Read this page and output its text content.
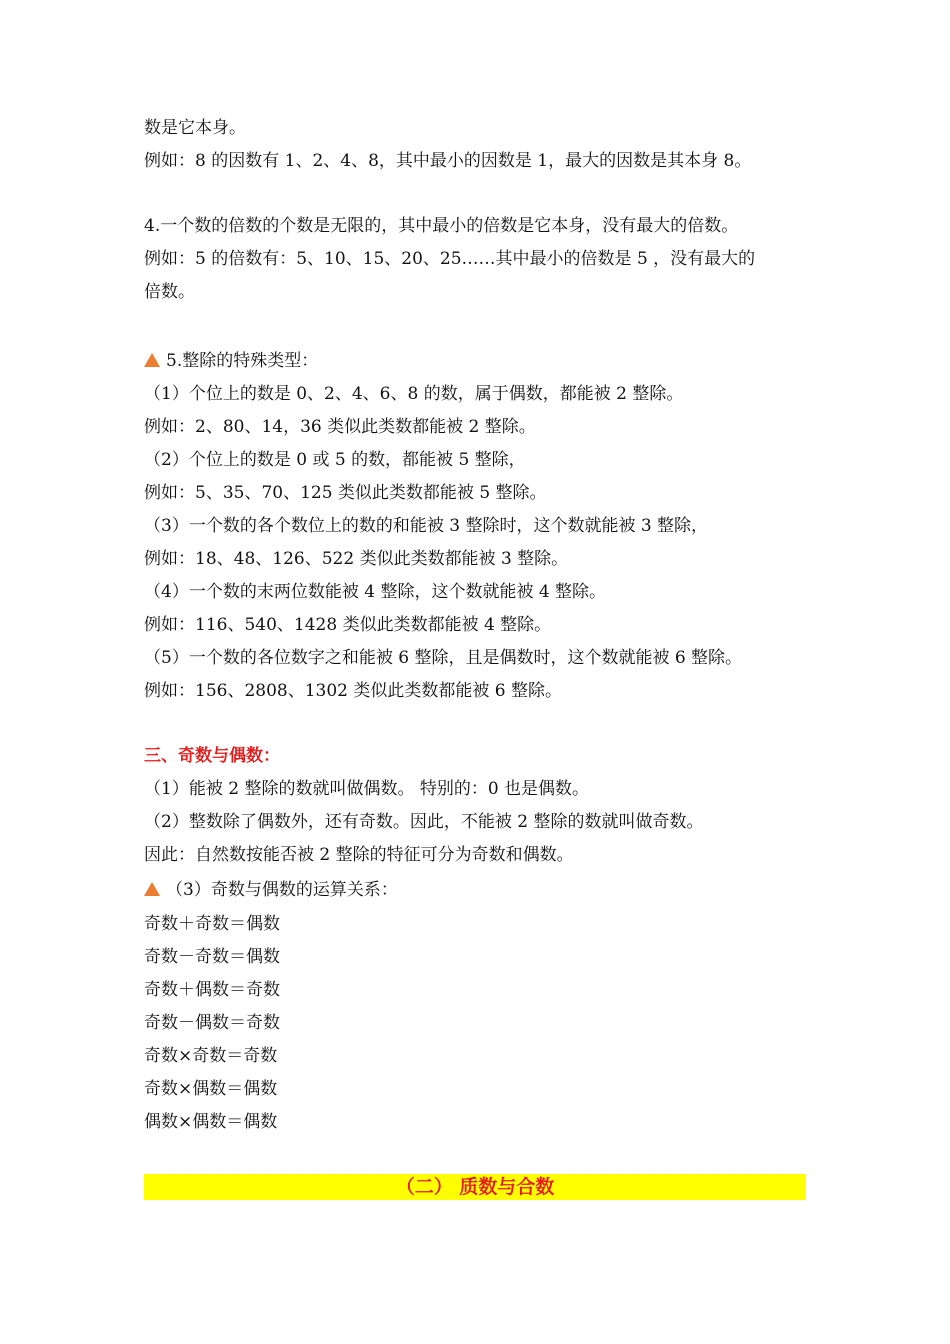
数是它本身。
例如：8 的因数有 1、2、4、8，其中最小的因数是 1，最大的因数是其本身 8。
4.一个数的倍数的个数是无限的，其中最小的倍数是它本身，没有最大的倍数。
例如：5 的倍数有：5、10、15、20、25……其中最小的倍数是 5 ，没有最大的
倍数。
5.整除的特殊类型：
（1）个位上的数是 0、2、4、6、8 的数，属于偶数，都能被 2 整除。
例如：2、80、14，36 类似此类数都能被 2 整除。
（2）个位上的数是 0 或 5 的数，都能被 5 整除，
例如：5、35、70、125 类似此类数都能被 5 整除。
（3）一个数的各个数位上的数的和能被 3 整除时，这个数就能被 3 整除，
例如：18、48、126、522 类似此类数都能被 3 整除。
（4）一个数的末两位数能被 4 整除，这个数就能被 4 整除。
例如：116、540、1428 类似此类数都能被 4 整除。
（5）一个数的各位数字之和能被 6 整除，且是偶数时，这个数就能被 6 整除。
例如：156、2808、1302 类似此类数都能被 6 整除。
三、奇数与偶数：
（1）能被 2 整除的数就叫做偶数。 特别的：0 也是偶数。
（2）整数除了偶数外，还有奇数。因此，不能被 2 整除的数就叫做奇数。
因此：自然数按能否被 2 整除的特征可分为奇数和偶数。
（3）奇数与偶数的运算关系：
奇数＋奇数＝偶数
奇数－奇数＝偶数
奇数＋偶数＝奇数
奇数－偶数＝奇数
奇数×奇数＝奇数
奇数×偶数＝偶数
偶数×偶数＝偶数
（二） 质数与合数
